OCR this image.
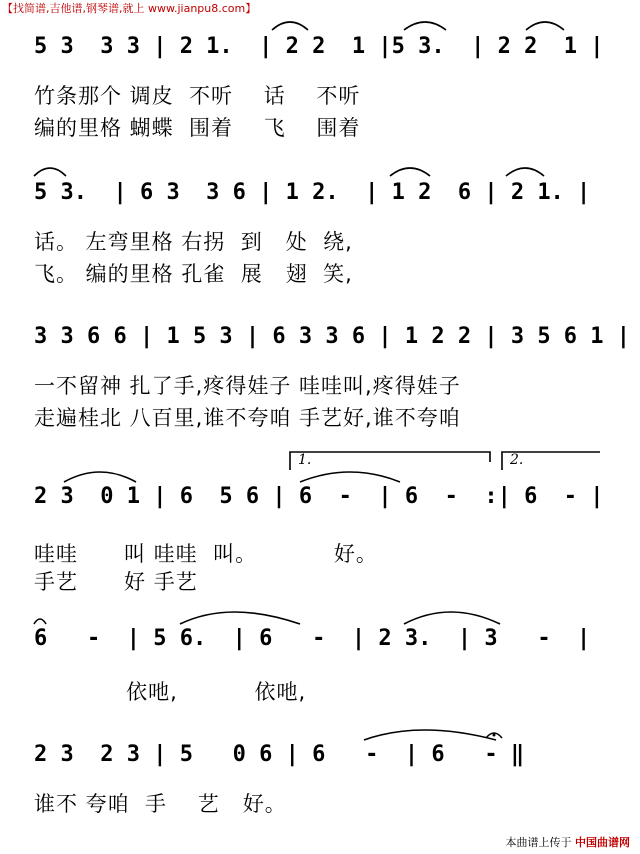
【找简谱,吉他谱,钢琴谱,就上 www.jianpu8.com】
5 3  3 3 | 2 1.  | 2 2  1 |5 3.  | 2 2  1 |
竹条那个 调皮  不听    话    不听
编的里格 蝴蝶  围着    飞    围着
5 3.  | 6 3  3 6 | 1 2.  | 1 2  6 | 2 1. |
话。 左弯里格 右拐  到   处  绕,
飞。 编的里格 孔雀  展   翅  笑,
3 3 6 6 | 1 5 3 | 6 3 3 6 | 1 2 2 | 3 5 6 1 |
一不留神 扎了手,疼得娃子 哇哇叫,疼得娃子
走遍桂北 八百里,谁不夸咱 手艺好,谁不夸咱
2 3  0 1 | 6  5 6 | 6  -  | 6  -  :| 6  - |
1.	2.
哇哇      叫 哇哇  叫。          好。
手艺      好 手艺
6   -  | 5 6.  | 6   -  | 2 3.  | 3   -  |
依吔,          依吔,
2 3  2 3 | 5   0 6 | 6   -  | 6   - ‖
谁不 夸咱  手    艺   好。
本曲谱上传于 中国曲谱网
